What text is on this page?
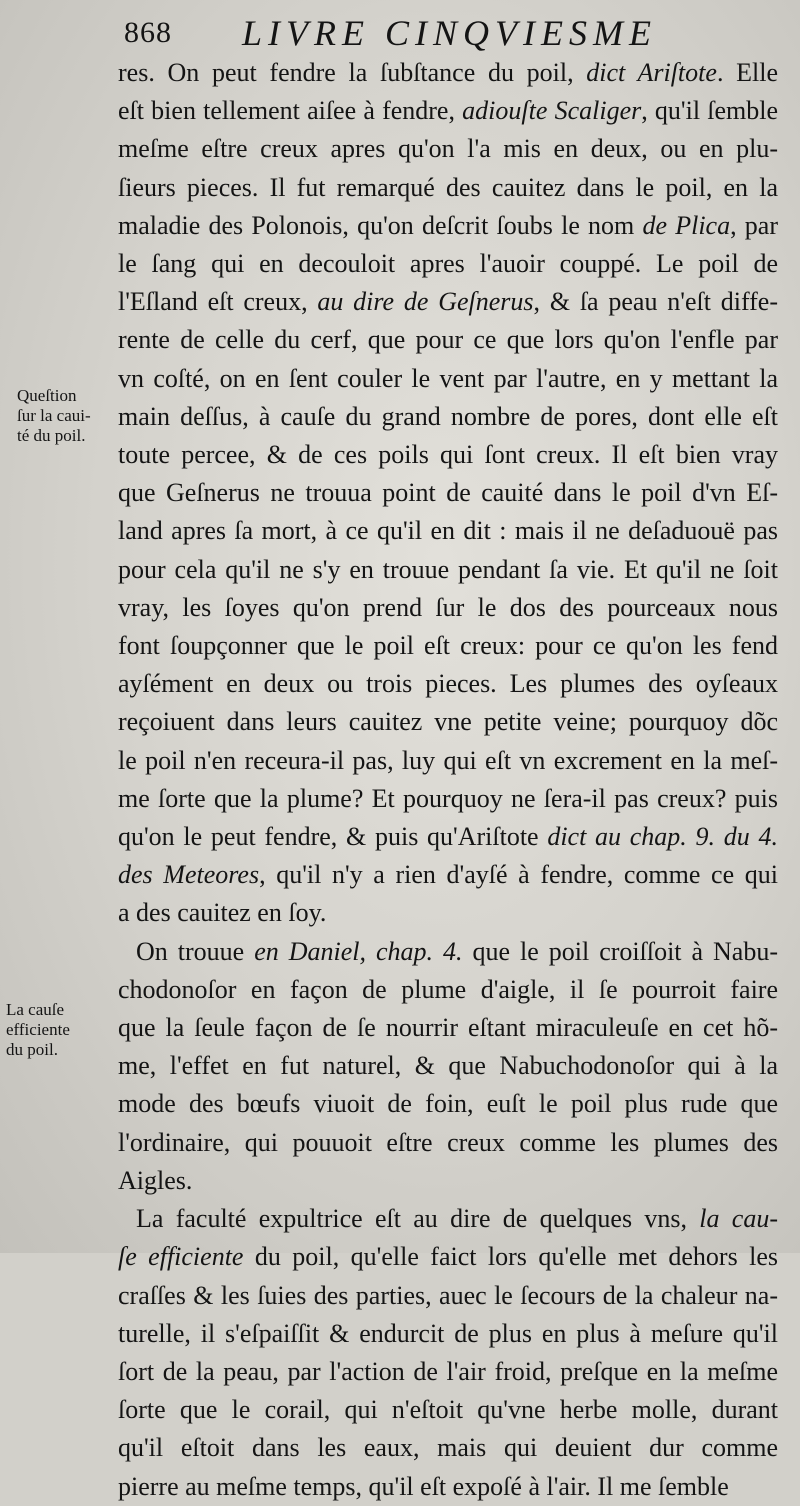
868 LIVRE CINQVIESME
Queſtion
ſur la caui-
té du poil.
La cauſe
efficiente
du poil.
res. On peut fendre la ſubſtance du poil, dict Ariſtote. Elle
eſt bien tellement aiſee à fendre, adiouſte Scaliger, qu'il ſemble
meſme eſtre creux apres qu'on l'a mis en deux, ou en plu-
ſieurs pieces. Il fut remarqué des cauitez dans le poil, en la
maladie des Polonois, qu'on deſcrit ſoubs le nom de Plica, par
le ſang qui en decouloit apres l'auoir couppé. Le poil de
l'Eſland eſt creux, au dire de Geſnerus, & ſa peau n'eſt diffe-
rente de celle du cerf, que pour ce que lors qu'on l'enfle par
vn coſté, on en ſent couler le vent par l'autre, en y mettant la
main deſſus, à cauſe du grand nombre de pores, dont elle eſt
toute percee, & de ces poils qui ſont creux. Il eſt bien vray
que Geſnerus ne trouua point de cauité dans le poil d'vn Eſ-
land apres ſa mort, à ce qu'il en dit : mais il ne deſaduouë pas
pour cela qu'il ne s'y en trouue pendant ſa vie. Et qu'il ne ſoit
vray, les ſoyes qu'on prend ſur le dos des pourceaux nous
font ſoupçonner que le poil eſt creux: pour ce qu'on les fend
ayſément en deux ou trois pieces. Les plumes des oyſeaux
reçoiuent dans leurs cauitez vne petite veine; pourquoy dõc
le poil n'en receura-il pas, luy qui eſt vn excrement en la meſ-
me ſorte que la plume? Et pourquoy ne ſera-il pas creux? puis
qu'on le peut fendre, & puis qu'Ariſtote dict au chap. 9. du 4.
des Meteores, qu'il n'y a rien d'ayſé à fendre, comme ce qui
a des cauitez en ſoy.
On trouue en Daniel, chap. 4. que le poil croiſſoit à Nabu-
chodonoſor en façon de plume d'aigle, il ſe pourroit faire
que la ſeule façon de ſe nourrir eſtant miraculeuſe en cet hõ-
me, l'effet en fut naturel, & que Nabuchodonoſor qui à la
mode des bœufs viuoit de foin, euſt le poil plus rude que
l'ordinaire, qui pouuoit eſtre creux comme les plumes des
Aigles.
La faculté expultrice eſt au dire de quelques vns, la cau-
ſe efficiente du poil, qu'elle faict lors qu'elle met dehors les
craſſes & les ſuies des parties, auec le ſecours de la chaleur na-
turelle, il s'eſpaiſſit & endurcit de plus en plus à meſure qu'il
ſort de la peau, par l'action de l'air froid, preſque en la meſme
ſorte que le corail, qui n'eſtoit qu'vne herbe molle, durant
qu'il eſtoit dans les eaux, mais qui deuient dur comme
pierre au meſme temps, qu'il eſt expoſé à l'air. Il me ſemble
